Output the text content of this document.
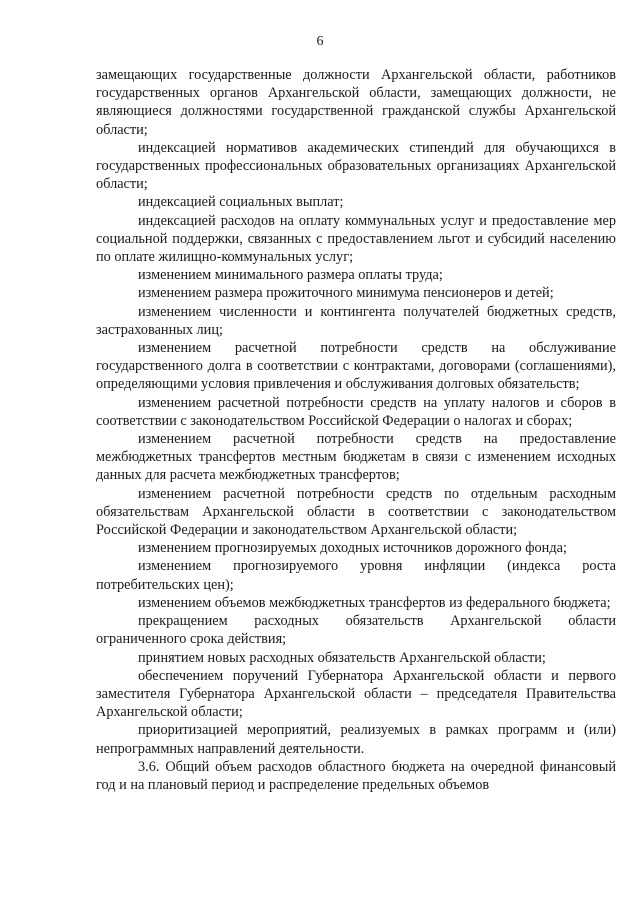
6

замещающих государственные должности Архангельской области, работников государственных органов Архангельской области, замещающих должности, не являющиеся должностями государственной гражданской службы Архангельской области;

индексацией нормативов академических стипендий для обучающихся в государственных профессиональных образовательных организациях Архангельской области;

индексацией социальных выплат;

индексацией расходов на оплату коммунальных услуг и предоставление мер социальной поддержки, связанных с предоставлением льгот и субсидий населению по оплате жилищно-коммунальных услуг;

изменением минимального размера оплаты труда;

изменением размера прожиточного минимума пенсионеров и детей;

изменением численности и контингента получателей бюджетных средств, застрахованных лиц;

изменением расчетной потребности средств на обслуживание государственного долга в соответствии с контрактами, договорами (соглашениями), определяющими условия привлечения и обслуживания долговых обязательств;

изменением расчетной потребности средств на уплату налогов и сборов в соответствии с законодательством Российской Федерации о налогах и сборах;

изменением расчетной потребности средств на предоставление межбюджетных трансфертов местным бюджетам в связи с изменением исходных данных для расчета межбюджетных трансфертов;

изменением расчетной потребности средств по отдельным расходным обязательствам Архангельской области в соответствии с законодательством Российской Федерации и законодательством Архангельской области;

изменением прогнозируемых доходных источников дорожного фонда;

изменением прогнозируемого уровня инфляции (индекса роста потребительских цен);

изменением объемов межбюджетных трансфертов из федерального бюджета;

прекращением расходных обязательств Архангельской области ограниченного срока действия;

принятием новых расходных обязательств Архангельской области;

обеспечением поручений Губернатора Архангельской области и первого заместителя Губернатора Архангельской области – председателя Правительства Архангельской области;

приоритизацией мероприятий, реализуемых в рамках программ и (или) непрограммных направлений деятельности.

3.6. Общий объем расходов областного бюджета на очередной финансовый год и на плановый период и распределение предельных объемов
